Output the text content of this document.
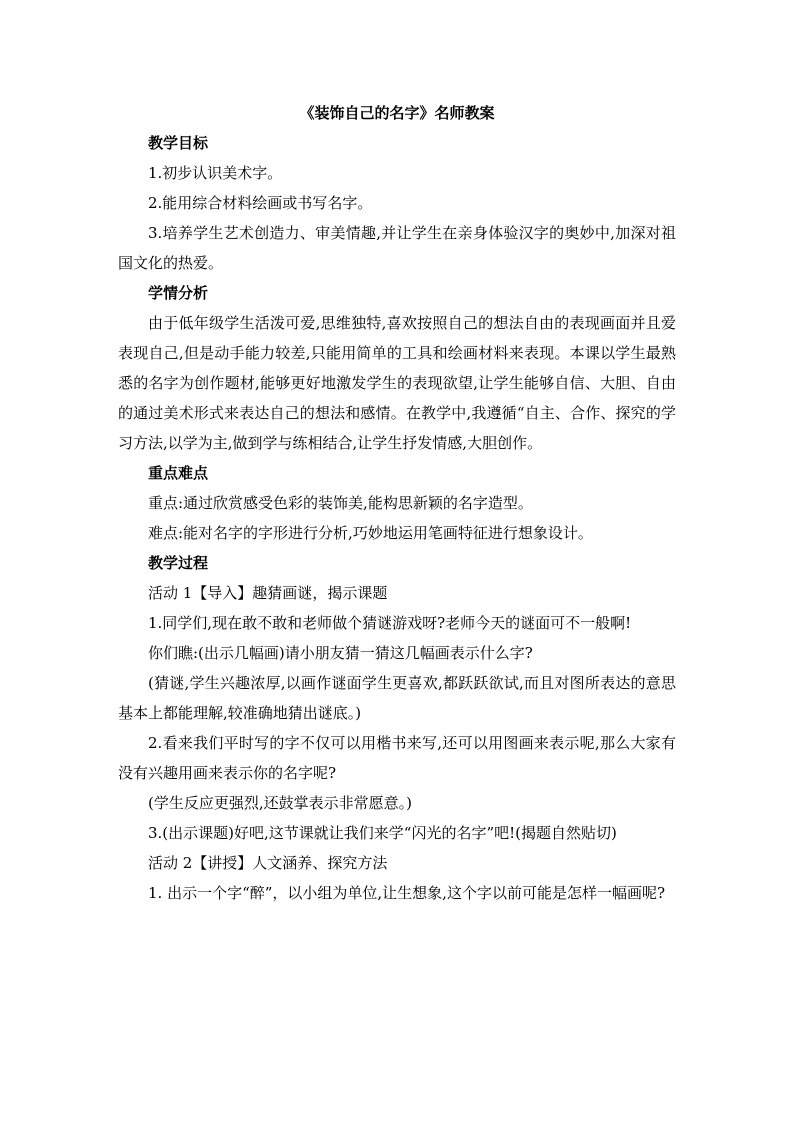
《装饰自己的名字》名师教案

教学目标

1.初步认识美术字。

2.能用综合材料绘画或书写名字。

3.培养学生艺术创造力、审美情趣,并让学生在亲身体验汉字的奥妙中,加深对祖国文化的热爱。

学情分析

由于低年级学生活泼可爱,思维独特,喜欢按照自己的想法自由的表现画面并且爱表现自己,但是动手能力较差,只能用简单的工具和绘画材料来表现。本课以学生最熟悉的名字为创作题材,能够更好地激发学生的表现欲望,让学生能够自信、大胆、自由的通过美术形式来表达自己的想法和感情。在教学中,我遵循“自主、合作、探究的学习方法,以学为主,做到学与练相结合,让学生抒发情感,大胆创作。

重点难点

重点:通过欣赏感受色彩的装饰美,能构思新颖的名字造型。

难点:能对名字的字形进行分析,巧妙地运用笔画特征进行想象设计。

教学过程

活动 1【导入】趣猜画谜，揭示课题

1.同学们,现在敢不敢和老师做个猜谜游戏呀?老师今天的谜面可不一般啊!

你们瞧:(出示几幅画)请小朋友猜一猜这几幅画表示什么字?

(猜谜,学生兴趣浓厚,以画作谜面学生更喜欢,都跃跃欲试,而且对图所表达的意思基本上都能理解,较准确地猜出谜底。)

2.看来我们平时写的字不仅可以用楷书来写,还可以用图画来表示呢,那么大家有没有兴趣用画来表示你的名字呢?

(学生反应更强烈,还鼓掌表示非常愿意。)

3.(出示课题)好吧,这节课就让我们来学“闪光的名字”吧!(揭题自然贴切)

活动 2【讲授】人文涵养、探究方法

1. 出示一个字“醉”，以小组为单位,让生想象,这个字以前可能是怎样一幅画呢?
